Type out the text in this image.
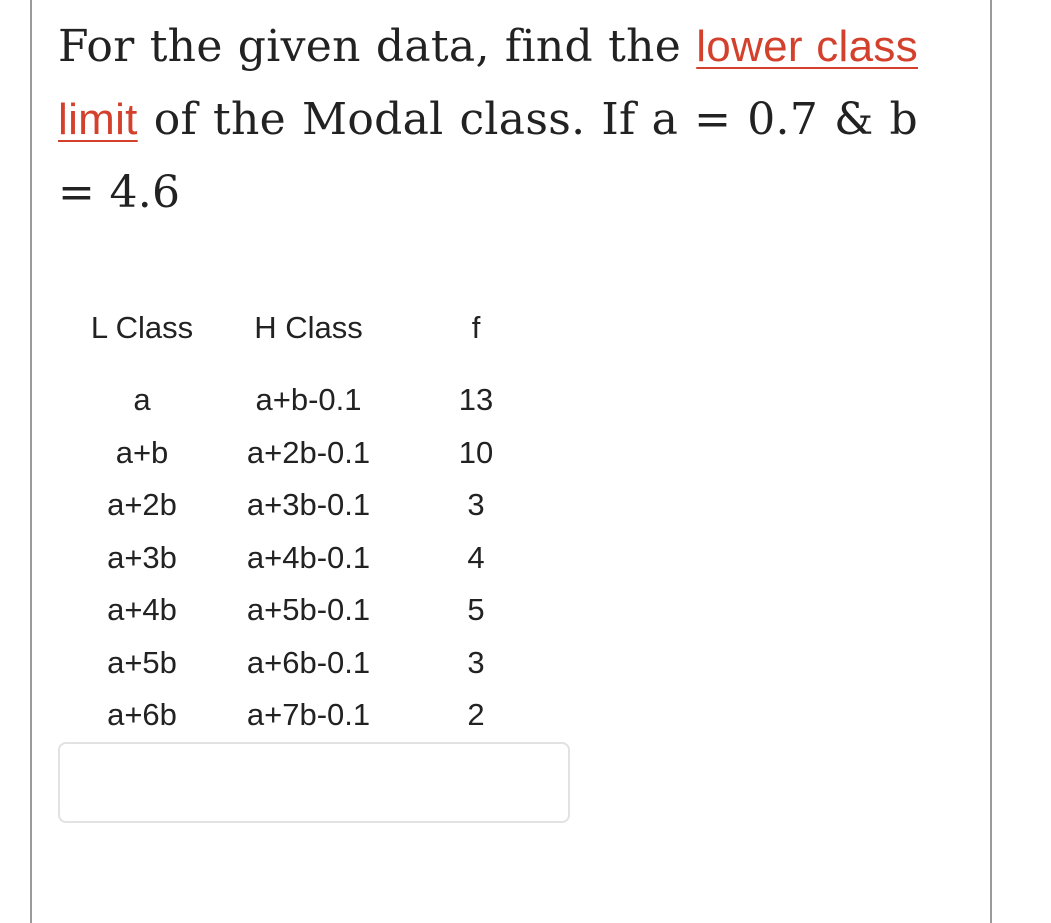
For the given data, find the lower class limit of the Modal class. If a = 0.7 & b = 4.6
L Class	H Class	f
a	a+b-0.1	13
a+b	a+2b-0.1	10
a+2b	a+3b-0.1	3
a+3b	a+4b-0.1	4
a+4b	a+5b-0.1	5
a+5b	a+6b-0.1	3
a+6b	a+7b-0.1	2
